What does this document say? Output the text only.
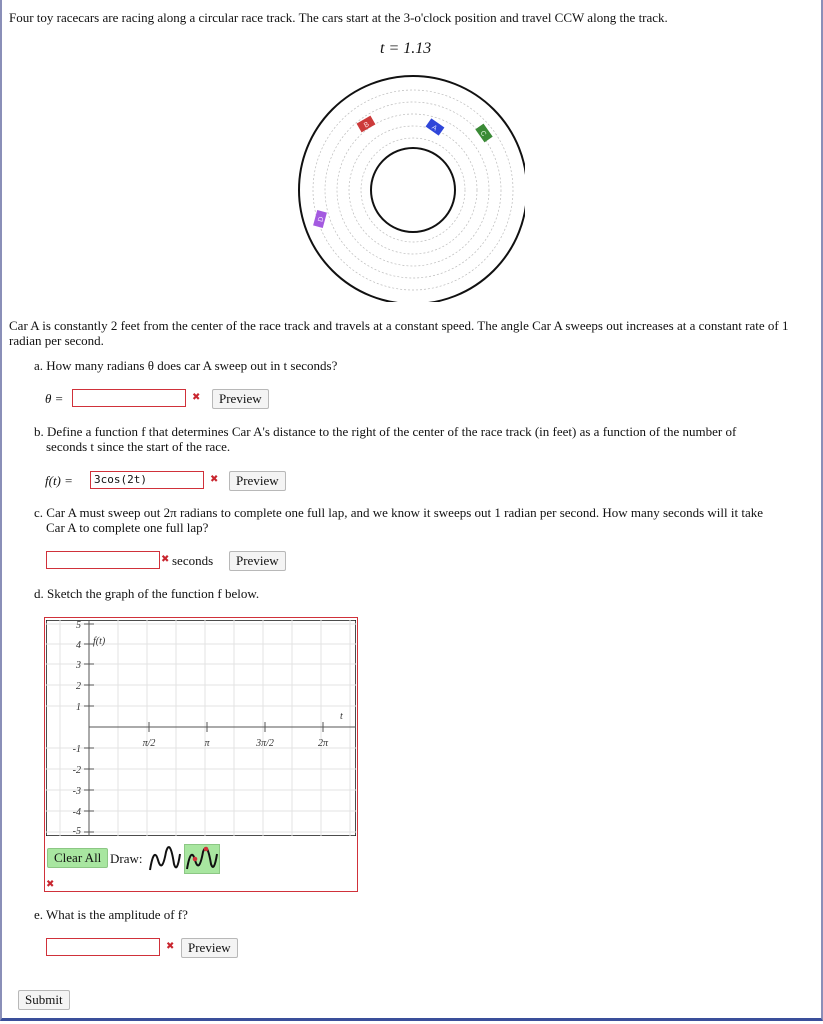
Four toy racecars are racing along a circular race track. The cars start at the 3-o'clock position and travel CCW along the track.
t = 1.13
A
B
C
D
Car A is constantly 2 feet from the center of the race track and travels at a constant speed. The angle Car A sweeps out increases at a constant rate of 1 radian per second.
a. How many radians θ does car A sweep out in t seconds?
θ =	✖	Preview
b. Define a function f that determines Car A's distance to the right of the center of the race track (in feet) as a function of the number of
seconds t since the start of the race.
f(t) =	3cos(2t)	✖	Preview
c. Car A must sweep out 2π radians to complete one full lap, and we know it sweeps out 1 radian per second. How many seconds will it take
Car A to complete one full lap?
✖ seconds	Preview
d. Sketch the graph of the function f below.
f(t)
t
5
4
3
2
1
-1
-2
-3
-4
-5
π/2	π	3π/2	2π
Clear All Draw:
✖
e. What is the amplitude of f?
✖	Preview
Submit
